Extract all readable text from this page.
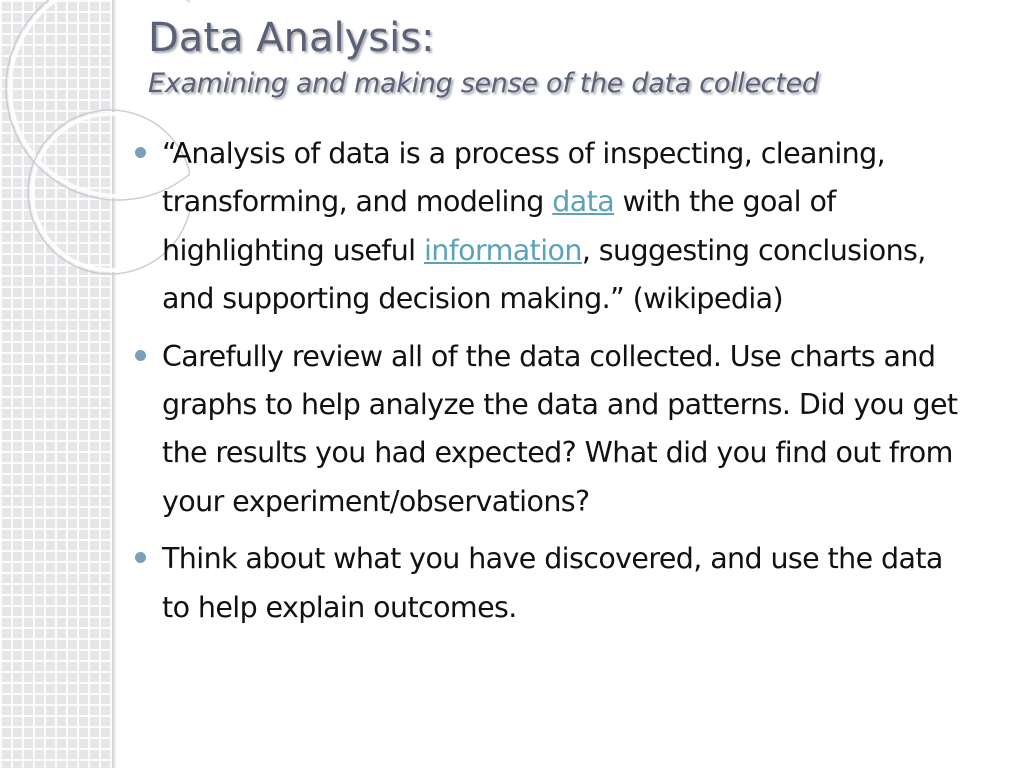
Data Analysis:
Examining and making sense of the data collected
“Analysis of data is a process of inspecting, cleaning, transforming, and modeling data with the goal of highlighting useful information, suggesting conclusions, and supporting decision making.” (wikipedia)
Carefully review all of the data collected. Use charts and graphs to help analyze the data and patterns. Did you get the results you had expected? What did you find out from your experiment/observations?
Think about what you have discovered, and use the data to help explain outcomes.
